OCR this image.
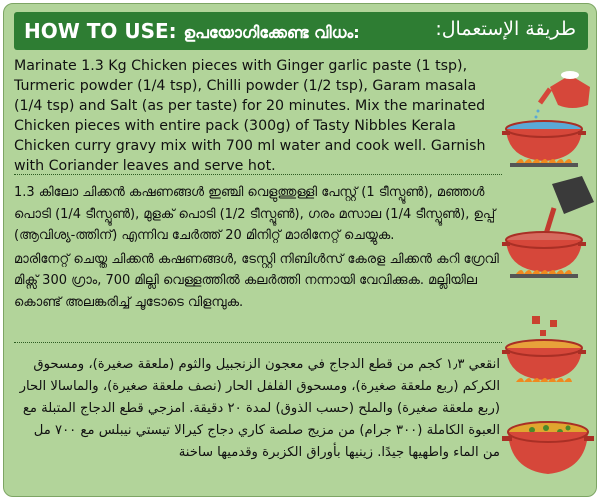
HOW TO USE: ഉപയോഗിക്കേണ്ട വിധം:	طريقة الإستعمال:
Marinate 1.3 Kg Chicken pieces with Ginger garlic paste (1 tsp), Turmeric powder (1/4 tsp), Chilli powder (1/2 tsp), Garam masala (1/4 tsp) and Salt (as per taste) for 20 minutes. Mix the marinated Chicken pieces with entire pack (300g) of Tasty Nibbles Kerala Chicken curry gravy mix with 700 ml water and cook well. Garnish with Coriander leaves and serve hot.

1.3 കിലോ ചിക്കൻ കഷണങ്ങൾ ഇഞ്ചി വെളുത്തുള്ളി പേസ്റ്റ് (1 ടീസ്പൂൺ), മഞ്ഞൾ പൊടി (1/4 ടീസ്പൂൺ), മുളക് പൊടി (1/2 ടീസ്പൂൺ), ഗരം മസാല (1/4 ടീസ്പൂൺ), ഉപ്പ് (ആവിശ്യ-ത്തിന്) എന്നിവ ചേർത്ത് 20 മിനിറ്റ് മാരിനേറ്റ് ചെയ്യുക.

മാരിനേറ്റ് ചെയ്ത ചിക്കൻ കഷണങ്ങൾ, ടേസ്റ്റി നിബിൾസ് കേരള ചിക്കൻ കറി ഗ്രേവി മിക്സ് 300 ഗ്രാം, 700 മില്ലി വെള്ളത്തിൽ കലർത്തി നന്നായി വേവിക്കുക. മല്ലിയില കൊണ്ട് അലങ്കരിച്ച് ചൂടോടെ വിളമ്പുക.

انقعي ١٫٣ كجم من قطع الدجاج في معجون الزنجبيل والثوم (ملعقة صغيرة)، ومسحوق الكركم (ربع ملعقة صغيرة)، ومسحوق الفلفل الحار (نصف ملعقة صغيرة)، والماسالا الحار (ربع ملعقة صغيرة) والملح (حسب الذوق) لمدة ٢٠ دقيقة. امزجي قطع الدجاج المتبلة مع العبوة الكاملة (٣٠٠ جرام) من مزيج صلصة كاري دجاج كيرالا تيستي نيبلس مع ٧٠٠ مل من الماء واطهيها جيدًا. زينيها بأوراق الكزبرة وقدميها ساخنة
